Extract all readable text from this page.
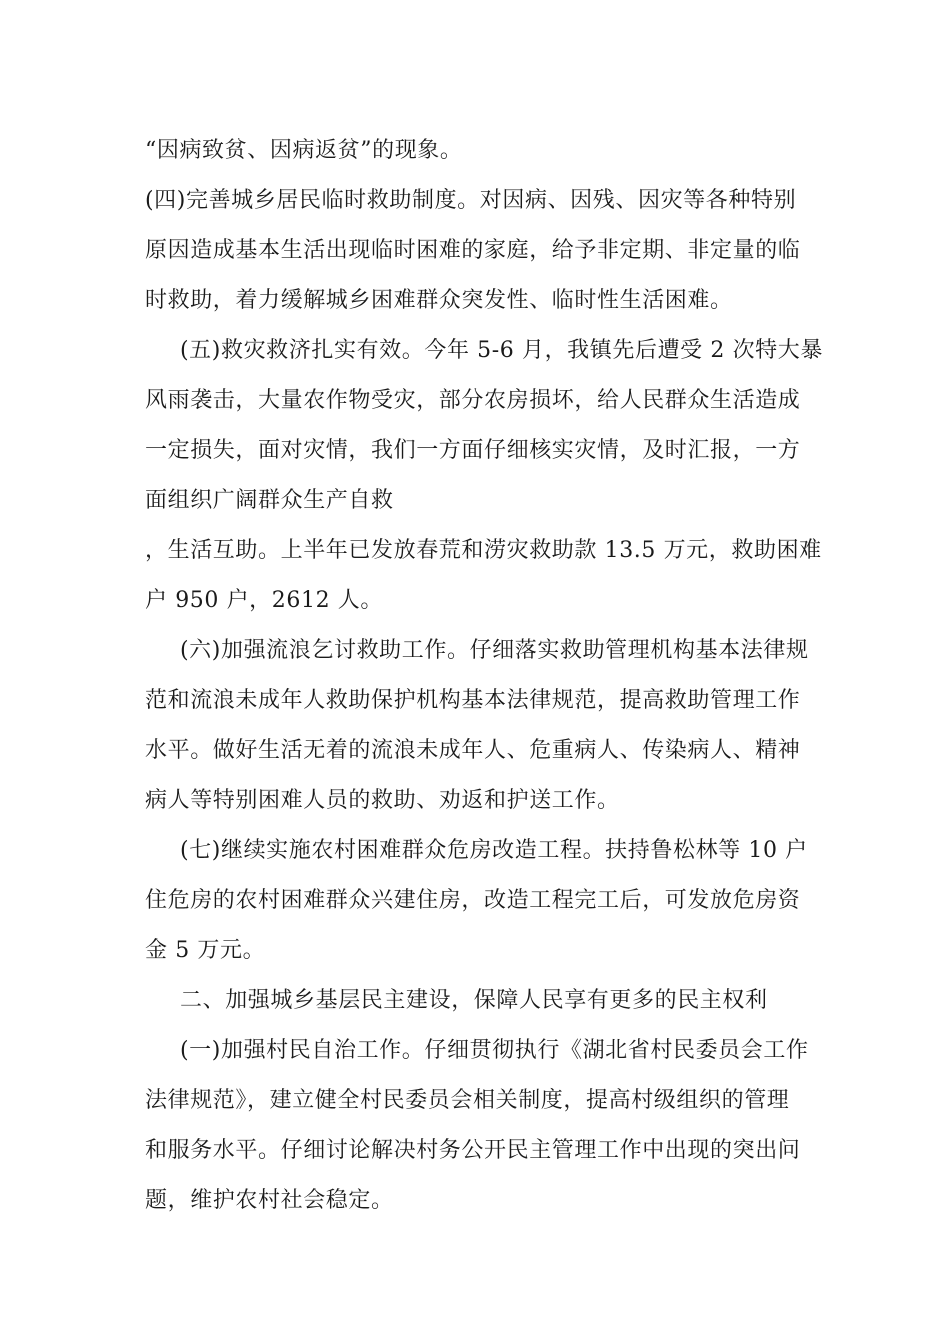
“因病致贫、因病返贫”的现象。

(四)完善城乡居民临时救助制度。对因病、因残、因灾等各种特别

原因造成基本生活出现临时困难的家庭，给予非定期、非定量的临

时救助，着力缓解城乡困难群众突发性、临时性生活困难。

(五)救灾救济扎实有效。今年 5-6 月，我镇先后遭受 2 次特大暴

风雨袭击，大量农作物受灾，部分农房损坏，给人民群众生活造成

一定损失，面对灾情，我们一方面仔细核实灾情，及时汇报，一方

面组织广阔群众生产自救

，生活互助。上半年已发放春荒和涝灾救助款 13.5 万元，救助困难

户 950 户，2612 人。

(六)加强流浪乞讨救助工作。仔细落实救助管理机构基本法律规

范和流浪未成年人救助保护机构基本法律规范，提高救助管理工作

水平。做好生活无着的流浪未成年人、危重病人、传染病人、精神

病人等特别困难人员的救助、劝返和护送工作。

(七)继续实施农村困难群众危房改造工程。扶持鲁松林等 10 户

住危房的农村困难群众兴建住房，改造工程完工后，可发放危房资

金 5 万元。

二、加强城乡基层民主建设，保障人民享有更多的民主权利

(一)加强村民自治工作。仔细贯彻执行《湖北省村民委员会工作

法律规范》，建立健全村民委员会相关制度，提高村级组织的管理

和服务水平。仔细讨论解决村务公开民主管理工作中出现的突出问

题，维护农村社会稳定。
